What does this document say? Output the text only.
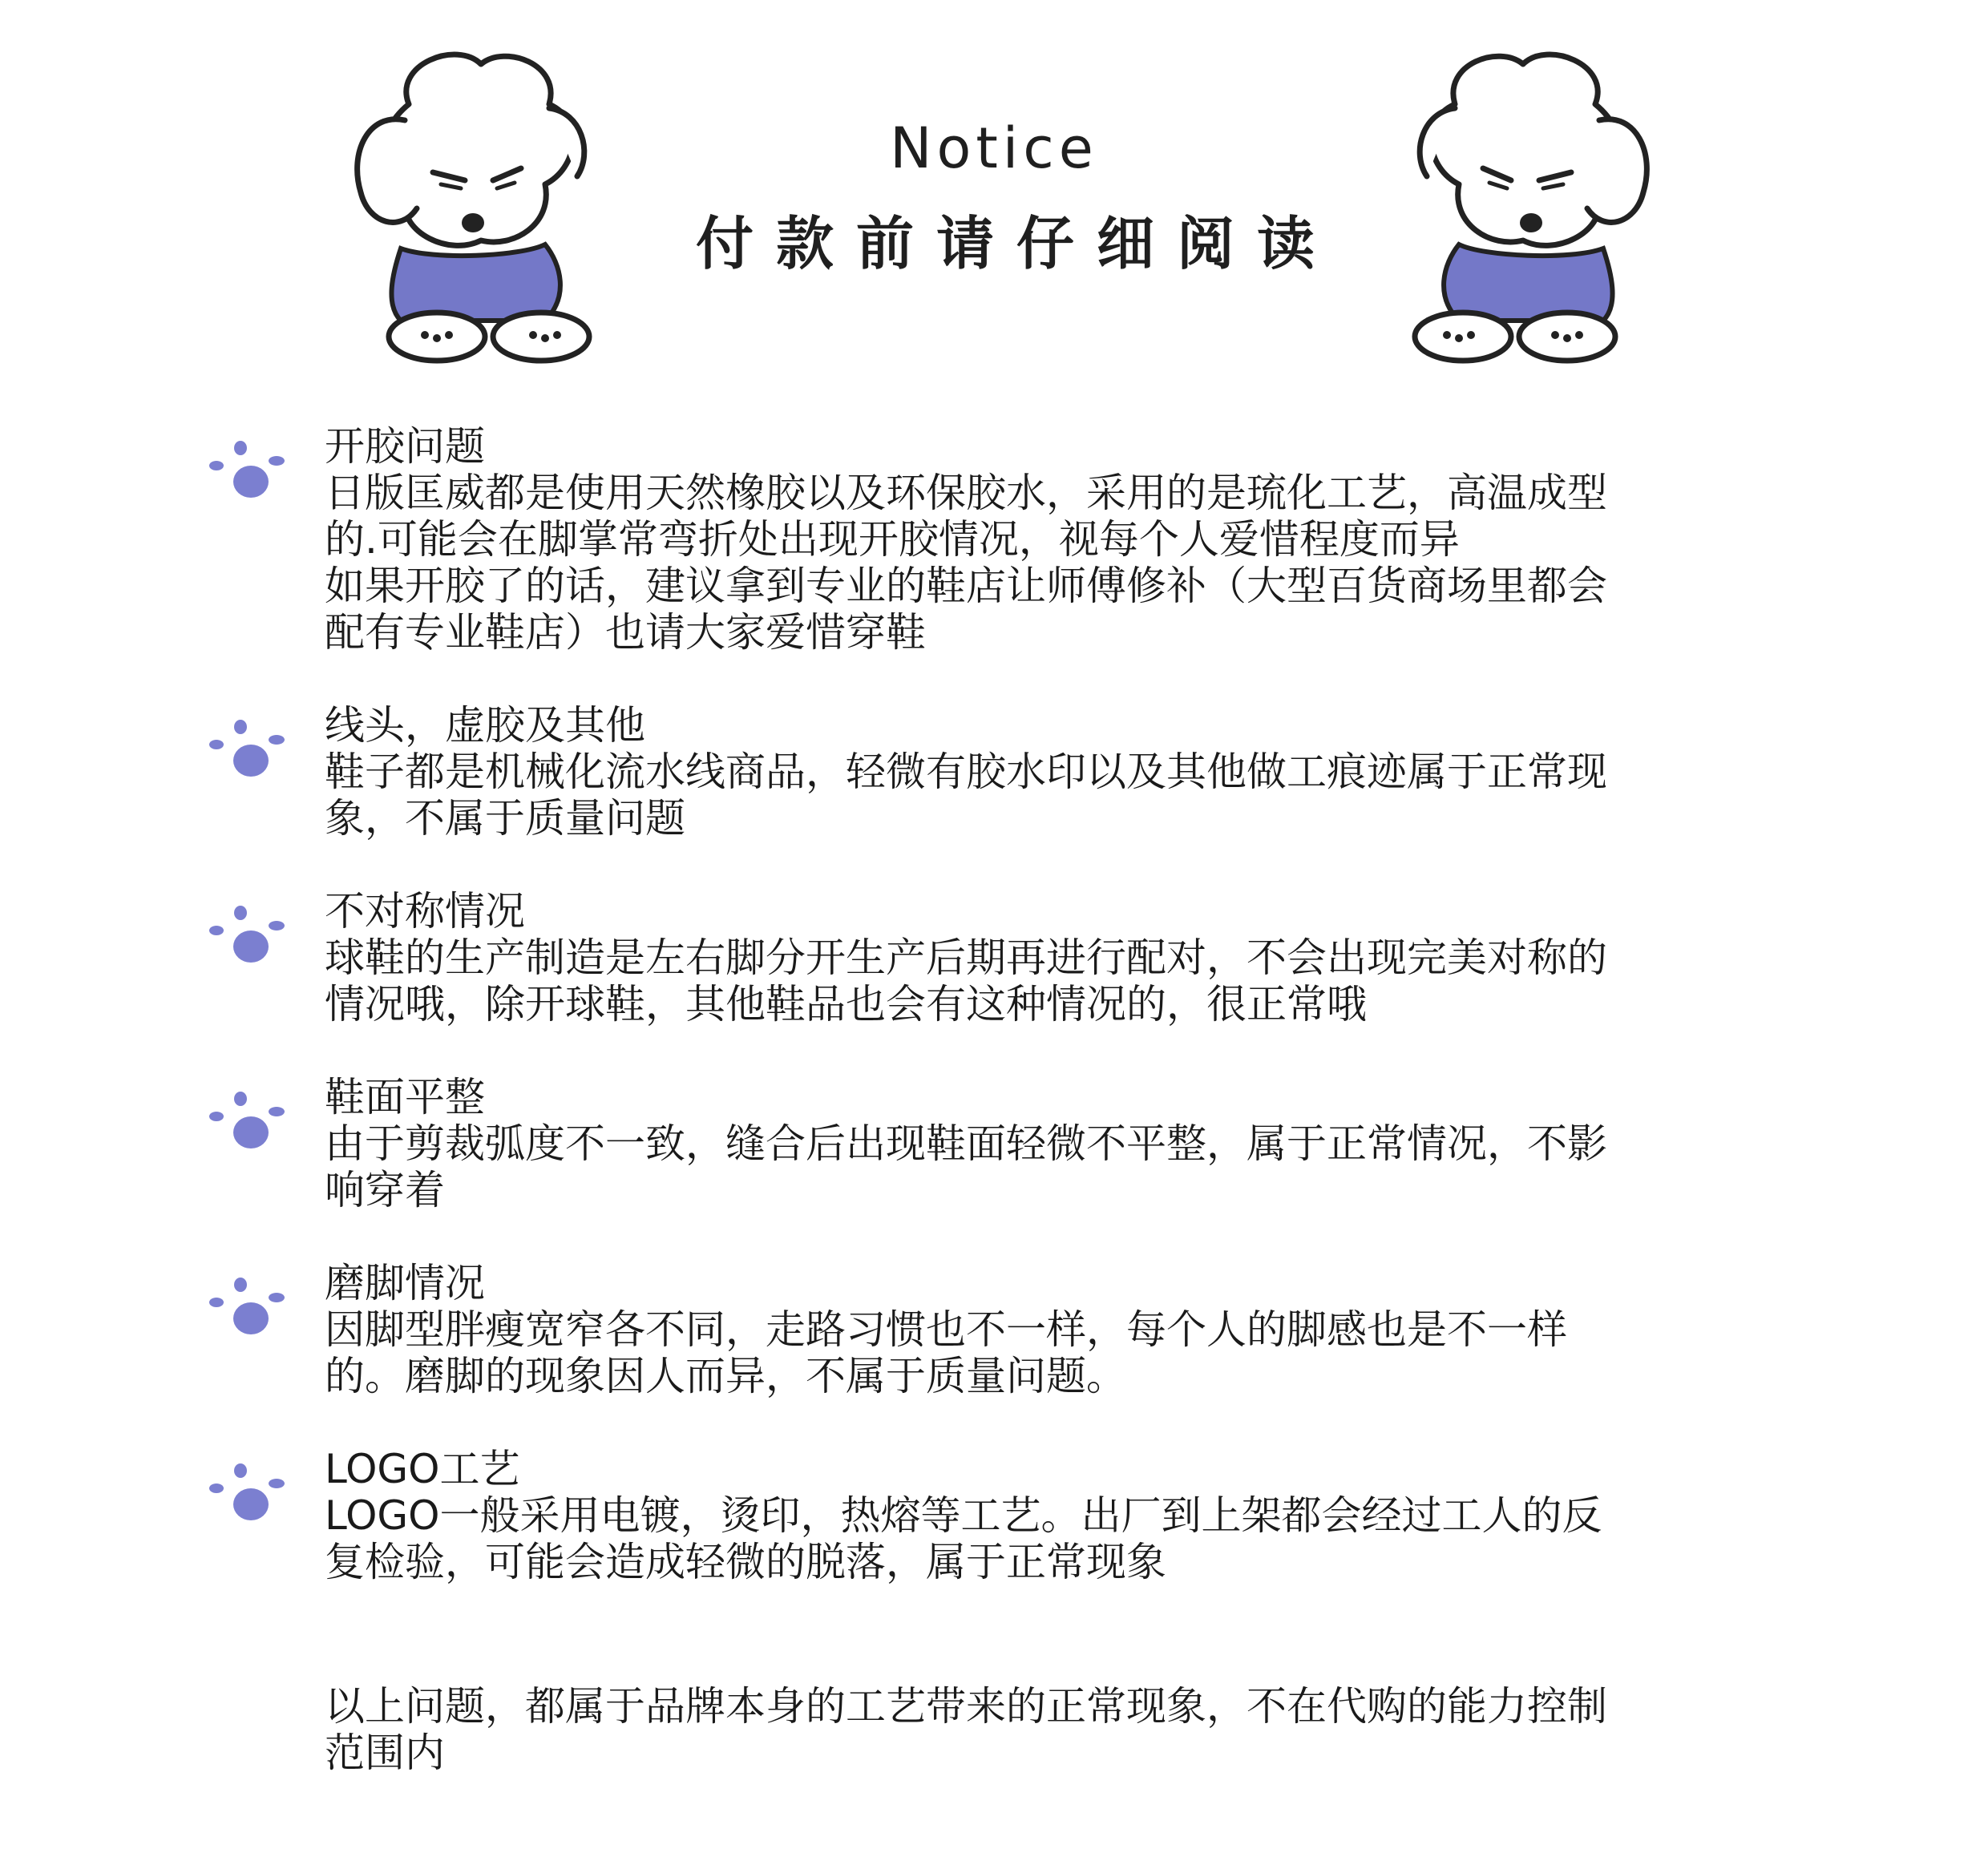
Notice
付款前请仔细阅读
开胶问题
日版匡威都是使用天然橡胶以及环保胶水，采用的是琉化工艺，高温成型
的.可能会在脚掌常弯折处出现开胶情况，视每个人爱惜程度而异
如果开胶了的话，建议拿到专业的鞋店让师傅修补（大型百货商场里都会
配有专业鞋店）也请大家爱惜穿鞋
线头，虚胶及其他
鞋子都是机械化流水线商品，轻微有胶水印以及其他做工痕迹属于正常现
象，不属于质量问题
不对称情况
球鞋的生产制造是左右脚分开生产后期再进行配对，不会出现完美对称的
情况哦，除开球鞋，其他鞋品也会有这种情况的，很正常哦
鞋面平整
由于剪裁弧度不一致，缝合后出现鞋面轻微不平整，属于正常情况，不影
响穿着
磨脚情况
因脚型胖瘦宽窄各不同，走路习惯也不一样，每个人的脚感也是不一样
的。磨脚的现象因人而异，不属于质量问题。
LOGO工艺
LOGO一般采用电镀，烫印，热熔等工艺。出厂到上架都会经过工人的反
复检验，可能会造成轻微的脱落，属于正常现象
以上问题，都属于品牌本身的工艺带来的正常现象，不在代购的能力控制
范围内
